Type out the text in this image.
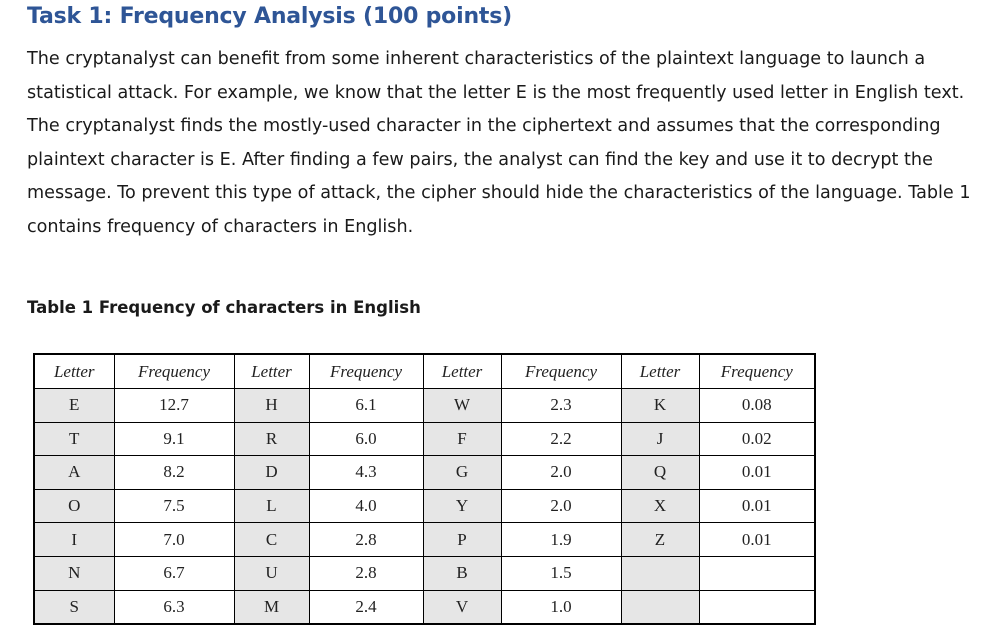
Task 1: Frequency Analysis (100 points)
The cryptanalyst can benefit from some inherent characteristics of the plaintext language to launch a statistical attack. For example, we know that the letter E is the most frequently used letter in English text. The cryptanalyst finds the mostly-used character in the ciphertext and assumes that the corresponding plaintext character is E. After finding a few pairs, the analyst can find the key and use it to decrypt the message. To prevent this type of attack, the cipher should hide the characteristics of the language. Table 1 contains frequency of characters in English.
Table 1 Frequency of characters in English
Letter	Frequency	Letter	Frequency	Letter	Frequency	Letter	Frequency
E	12.7	H	6.1	W	2.3	K	0.08
T	9.1	R	6.0	F	2.2	J	0.02
A	8.2	D	4.3	G	2.0	Q	0.01
O	7.5	L	4.0	Y	2.0	X	0.01
I	7.0	C	2.8	P	1.9	Z	0.01
N	6.7	U	2.8	B	1.5		
S	6.3	M	2.4	V	1.0		
